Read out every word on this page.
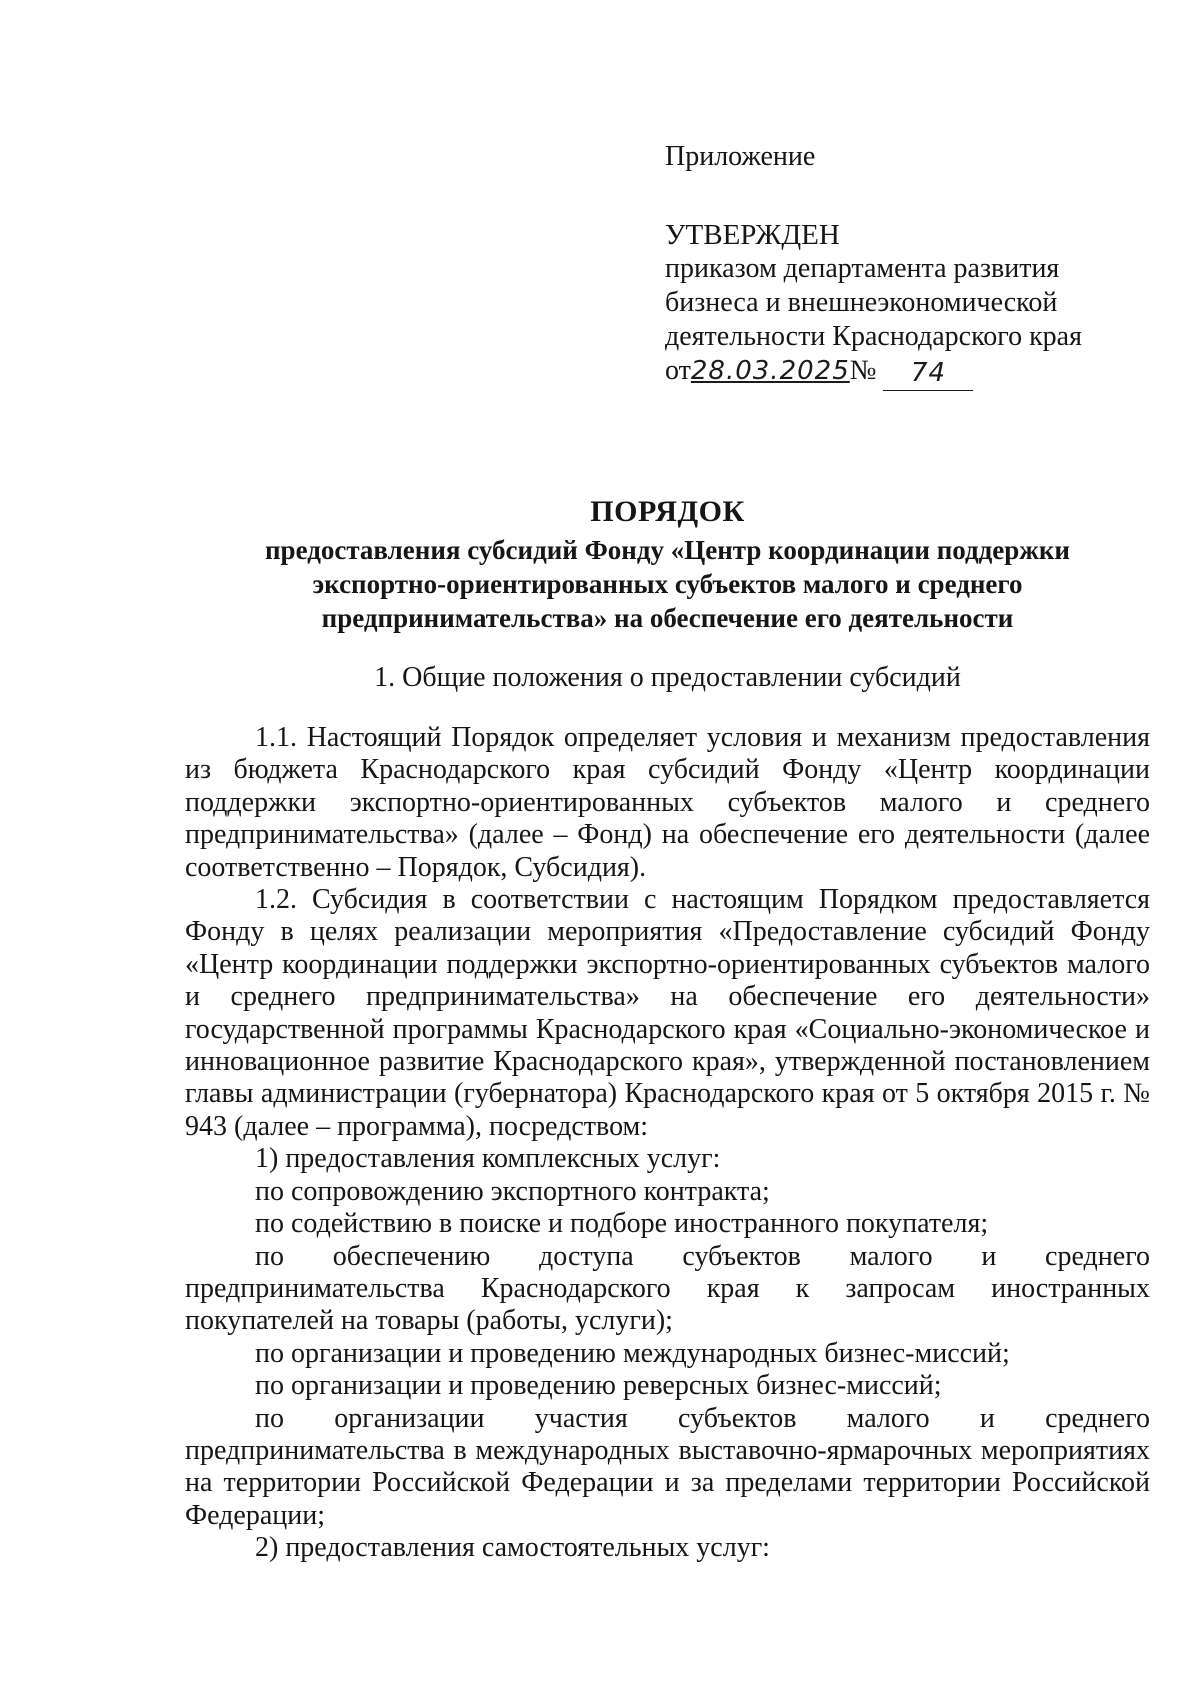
Приложение
УТВЕРЖДЕН
приказом департамента развития
бизнеса и внешнеэкономической
деятельности Краснодарского края
от28.03.2025№ 74
ПОРЯДОК
предоставления субсидий Фонду «Центр координации поддержки
экспортно-ориентированных субъектов малого и среднего
предпринимательства» на обеспечение его деятельности
1. Общие положения о предоставлении субсидий

1.1. Настоящий Порядок определяет условия и механизм предоставления из бюджета Краснодарского края субсидий Фонду «Центр координации поддержки экспортно-ориентированных субъектов малого и среднего предпринимательства» (далее – Фонд) на обеспечение его деятельности (далее соответственно – Порядок, Субсидия).

1.2. Субсидия в соответствии с настоящим Порядком предоставляется Фонду в целях реализации мероприятия «Предоставление субсидий Фонду «Центр координации поддержки экспортно-ориентированных субъектов малого и среднего предпринимательства» на обеспечение его деятельности» государственной программы Краснодарского края «Социально-экономическое и инновационное развитие Краснодарского края», утвержденной постановлением главы администрации (губернатора) Краснодарского края от 5 октября 2015 г. № 943 (далее – программа), посредством:

1) предоставления комплексных услуг:

по сопровождению экспортного контракта;

по содействию в поиске и подборе иностранного покупателя;

по обеспечению доступа субъектов малого и среднего предпринимательства Краснодарского края к запросам иностранных покупателей на товары (работы, услуги);

по организации и проведению международных бизнес-миссий;

по организации и проведению реверсных бизнес-миссий;

по организации участия субъектов малого и среднего предпринимательства в международных выставочно-ярмарочных мероприятиях на территории Российской Федерации и за пределами территории Российской Федерации;

2) предоставления самостоятельных услуг:
